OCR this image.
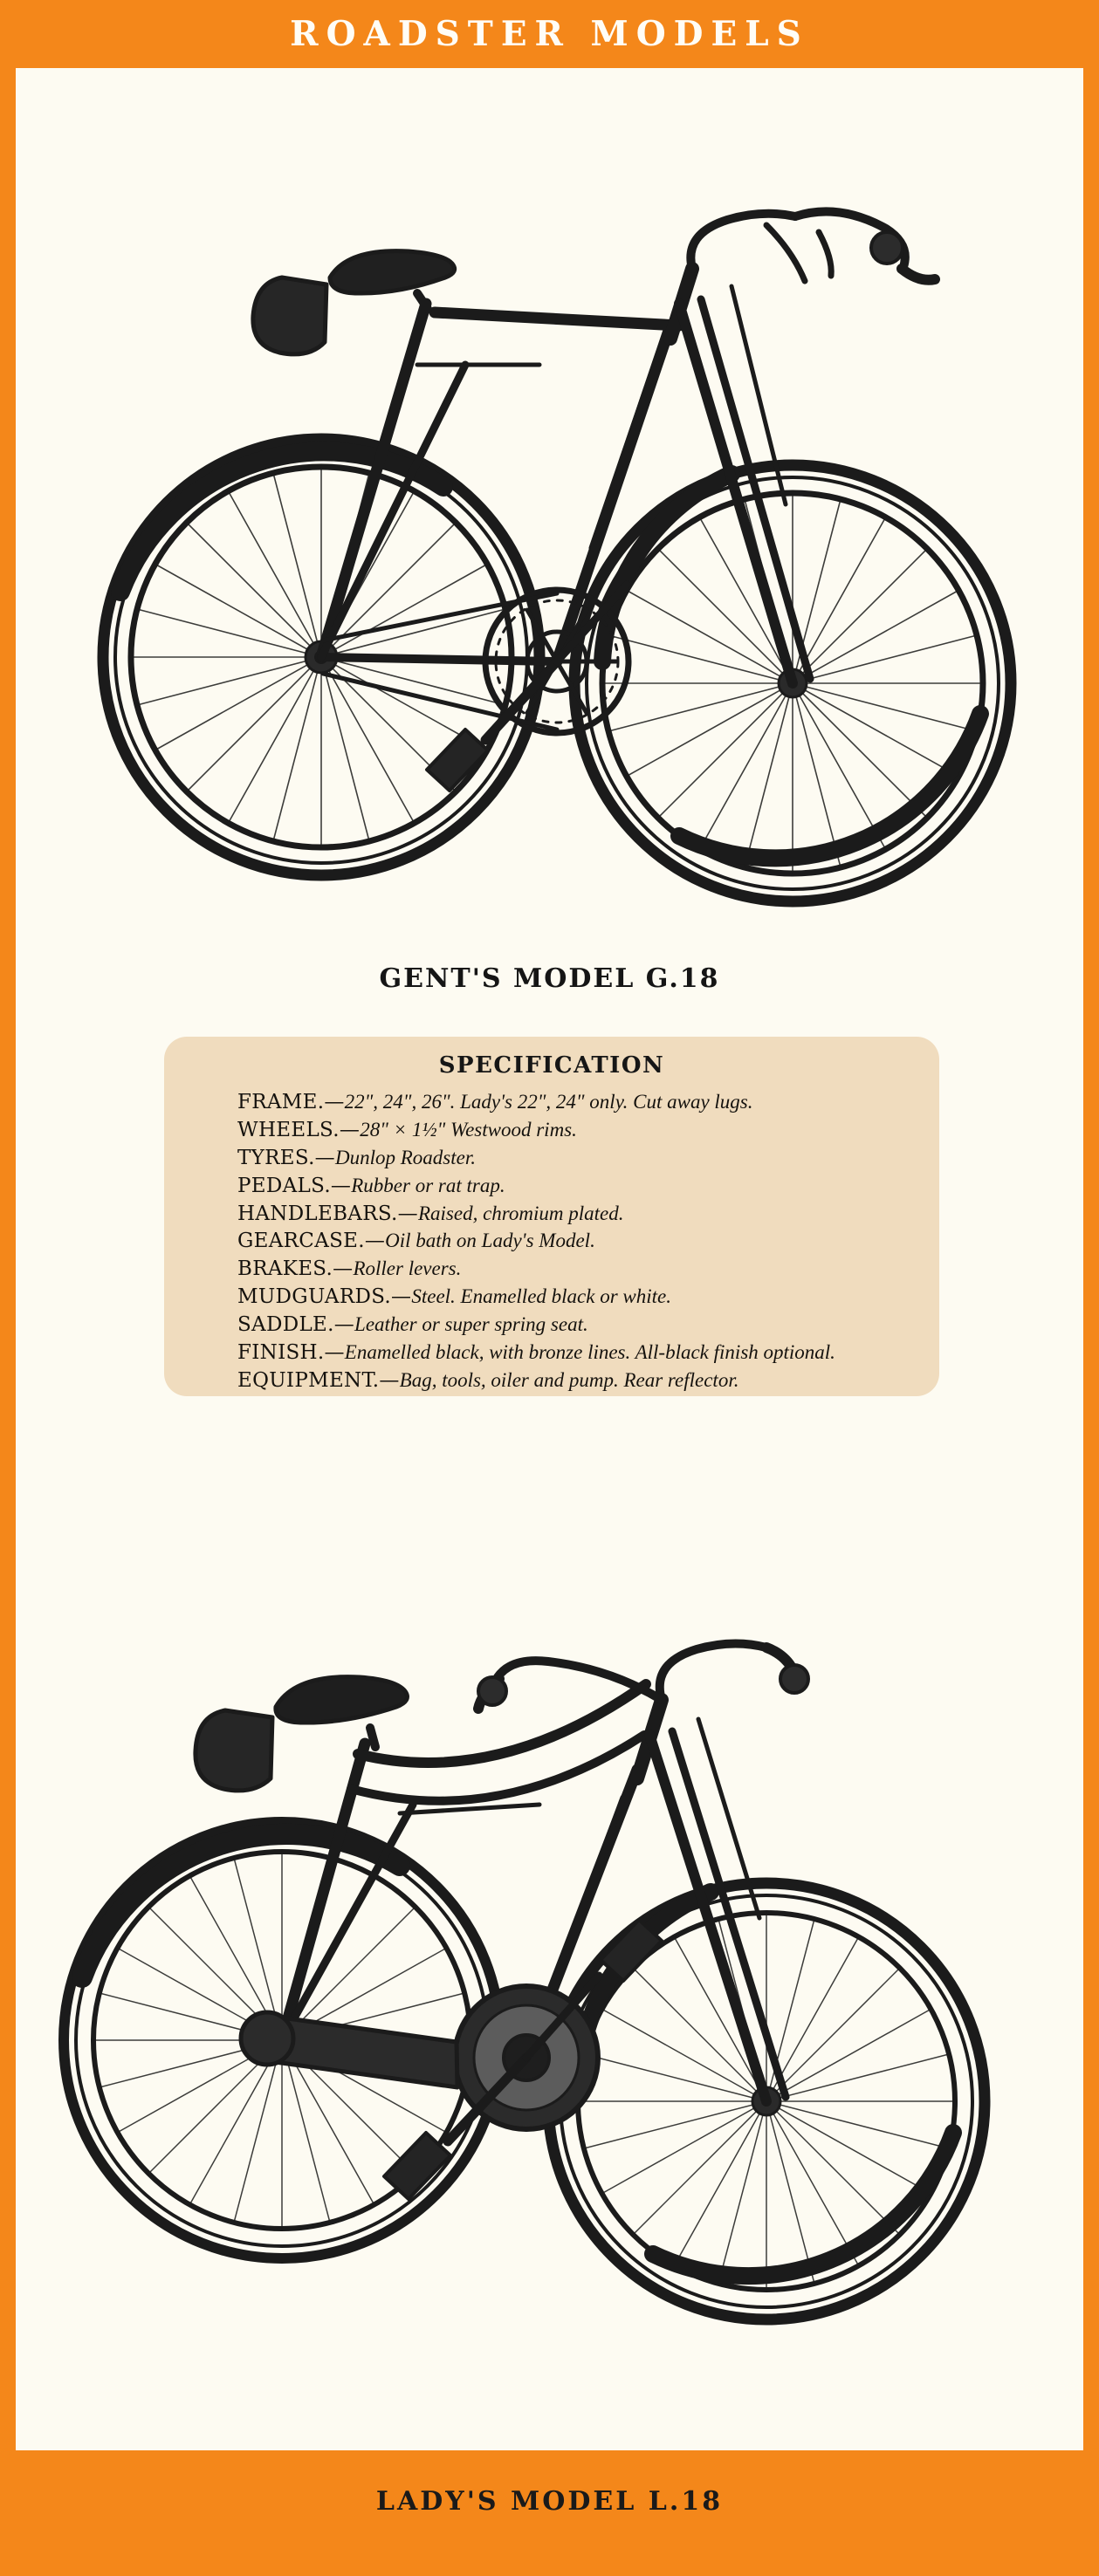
ROADSTER MODELS
GENT'S MODEL G.18
SPECIFICATION
FRAME.—22", 24", 26". Lady's 22", 24" only. Cut away lugs.
WHEELS.—28" × 1½" Westwood rims.
TYRES.—Dunlop Roadster.
PEDALS.—Rubber or rat trap.
HANDLEBARS.—Raised, chromium plated.
GEARCASE.—Oil bath on Lady's Model.
BRAKES.—Roller levers.
MUDGUARDS.—Steel. Enamelled black or white.
SADDLE.—Leather or super spring seat.
FINISH.—Enamelled black, with bronze lines. All-black finish optional.
EQUIPMENT.—Bag, tools, oiler and pump. Rear reflector.
LADY'S MODEL L.18
